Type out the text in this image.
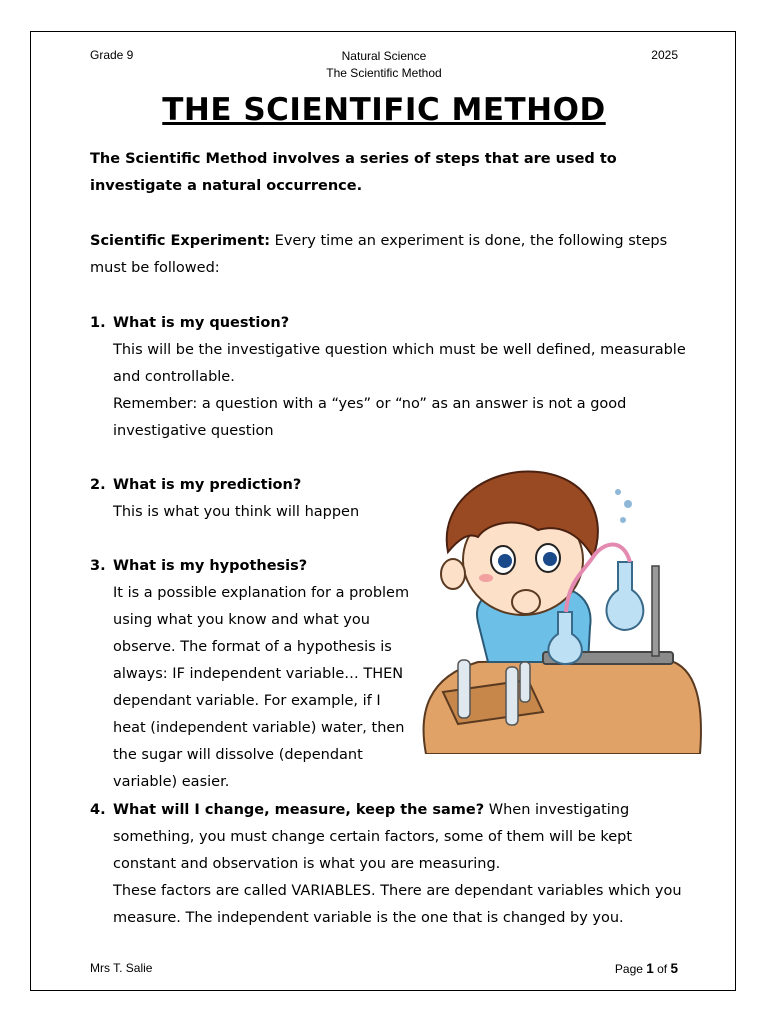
Grade 9	Natural Science
The Scientific Method
2025
THE SCIENTIFIC METHOD
The Scientific Method involves a series of steps that are used to investigate a natural occurrence.
Scientific Experiment: Every time an experiment is done, the following steps must be followed:
1. What is my question?
This will be the investigative question which must be well defined, measurable and controllable.
Remember: a question with a “yes” or “no” as an answer is not a good investigative question
2. What is my prediction?
This is what you think will happen
3. What is my hypothesis?
It is a possible explanation for a problem using what you know and what you observe. The format of a hypothesis is always: IF independent variable… THEN dependant variable. For example, if I heat (independent variable) water, then the sugar will dissolve (dependant variable) easier.
4. What will I change, measure, keep the same? When investigating something, you must change certain factors, some of them will be kept constant and observation is what you are measuring.
These factors are called VARIABLES. There are dependant variables which you measure. The independent variable is the one that is changed by you.
Mrs T. Salie	Page 1 of 5
